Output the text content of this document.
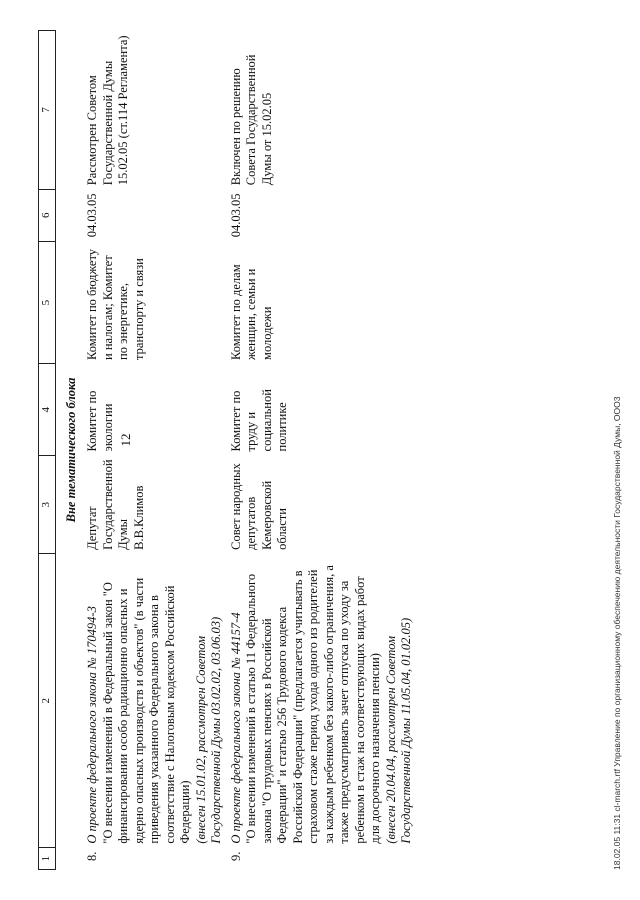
12
1	2	3	4	5	6	7
Вне тематического блока						
8.	О проекте федерального закона № 170494-3 "О внесении изменений в Федеральный закон "О финансировании особо радиационно опасных и ядерно опасных производств и объектов" (в части приведения указанного Федерального закона в соответствие с Налоговым кодексом Российской Федерации) (внесен 15.01.02, рассмотрен Советом Государственной Думы 03.02.02, 03.06.03)	Депутат Государственной Думы В.В.Климов	Комитет по экологии	Комитет по бюджету и налогам; Комитет по энергетике, транспорту и связи	04.03.05	Рассмотрен Советом Государственной Думы 15.02.05 (ст.114 Регламента)
9.	О проекте федерального закона № 44157-4 "О внесении изменений в статью 11 Федерального закона "О трудовых пенсиях в Российской Федерации" и статью 256 Трудового кодекса Российской Федерации" (предлагается учитывать в страховом стаже период ухода одного из родителей за каждым ребенком без какого-либо ограничения, а также предусматривать зачет отпуска по уходу за ребенком в стаж на соответствующих видах работ для досрочного назначения пенсии) (внесен 20.04.04, рассмотрен Советом Государственной Думы 11.05.04, 01.02.05)	Совет народных депутатов Кемеровской области	Комитет по труду и социальной политике	Комитет по делам женщин, семьи и молодежи	04.03.05	Включен по решению Совета Государственной Думы от 15.02.05
18.02.05 11:31 cl-march.rtf Управление по организационному обеспечению деятельности Государственной Думы, ООО3
